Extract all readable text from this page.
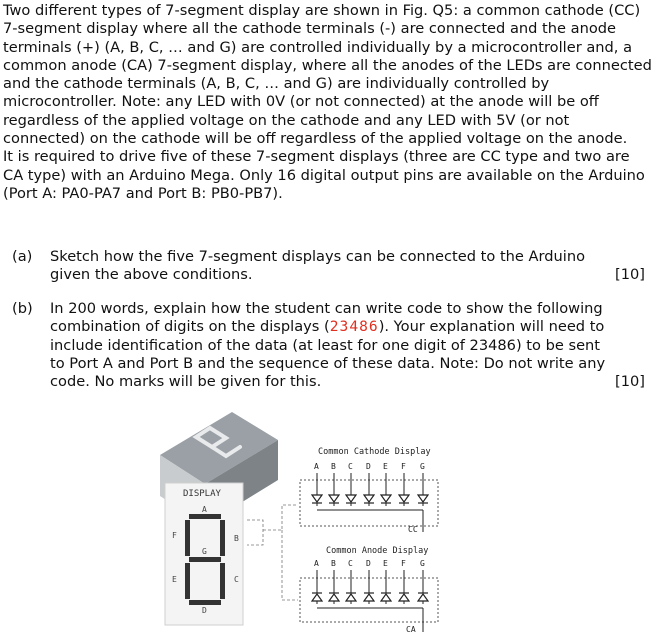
Two different types of 7-segment display are shown in Fig. Q5: a common cathode (CC) 7-segment display where all the cathode terminals (-) are connected and the anode terminals (+) (A, B, C, … and G) are controlled individually by a microcontroller and, a common anode (CA) 7-segment display, where all the anodes of the LEDs are connected and the cathode terminals (A, B, C, … and G) are individually controlled by microcontroller. Note: any LED with 0V (or not connected) at the anode will be off regardless of the applied voltage on the cathode and any LED with 5V (or not connected) on the cathode will be off regardless of the applied voltage on the anode.

It is required to drive five of these 7-segment displays (three are CC type and two are CA type) with an Arduino Mega. Only 16 digital output pins are available on the Arduino (Port A: PA0-PA7 and Port B: PB0-PB7).

(a) Sketch how the five 7-segment displays can be connected to the Arduino given the above conditions.	[10]
(b) In 200 words, explain how the student can write code to show the following combination of digits on the displays (23486). Your explanation will need to include identification of the data (at least for one digit of 23486) to be sent to Port A and Port B and the sequence of these data. Note: Do not write any code. No marks will be given for this.	[10]
DISPLAY
A
B
C
D
E
F
G
Common Cathode Display
A B C D E F G
CC
Common Anode Display
A B C D E F G
CA
